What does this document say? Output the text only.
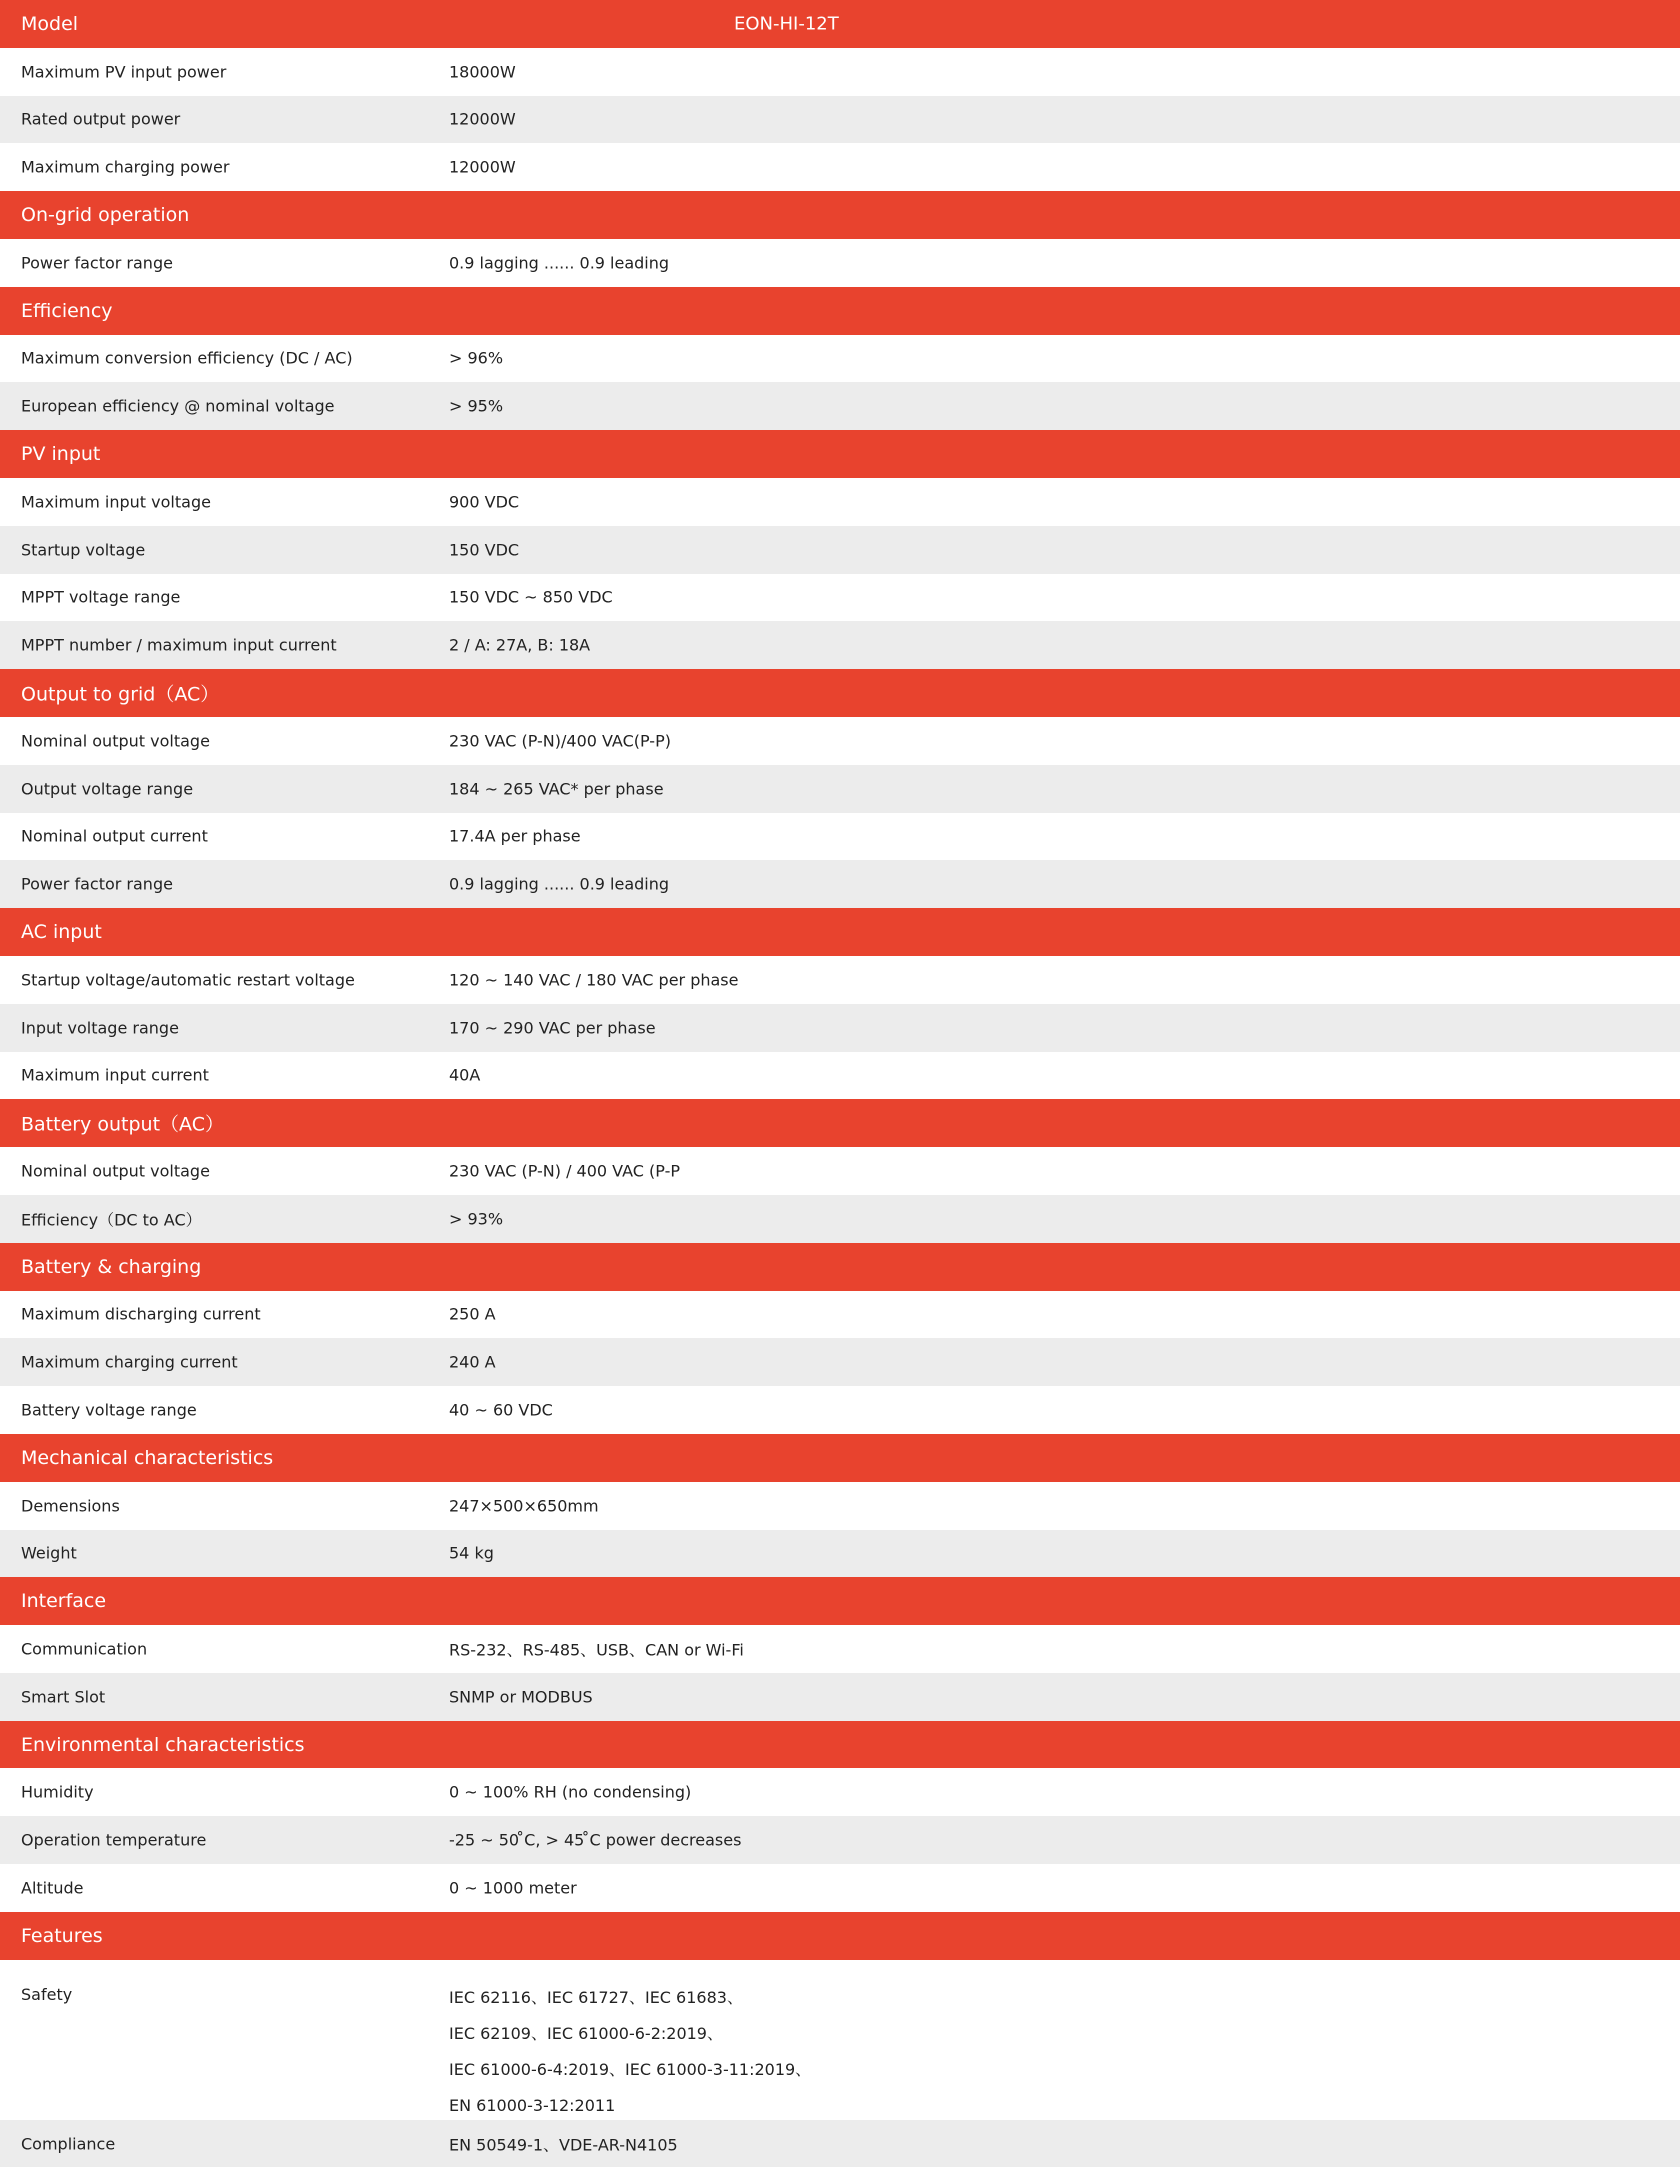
Model	EON-HI-12T
Maximum PV input power	18000W
Rated output power	12000W
Maximum charging power	12000W
On-grid operation
Power factor range	0.9 lagging ...... 0.9 leading
Efficiency
Maximum conversion efficiency (DC / AC)	> 96%
European efficiency @ nominal voltage	> 95%
PV input
Maximum input voltage	900 VDC
Startup voltage	150 VDC
MPPT voltage range	150 VDC ~ 850 VDC
MPPT number / maximum input current	2 / A: 27A, B: 18A
Output to grid（AC）
Nominal output voltage	230 VAC (P-N)/400 VAC(P-P)
Output voltage range	184 ~ 265 VAC* per phase
Nominal output current	17.4A per phase
Power factor range	0.9 lagging ...... 0.9 leading
AC input
Startup voltage/automatic restart voltage	120 ~ 140 VAC / 180 VAC per phase
Input voltage range	170 ~ 290 VAC per phase
Maximum input current	40A
Battery output（AC）
Nominal output voltage	230 VAC (P-N) / 400 VAC (P-P
Efficiency（DC to AC）	> 93%
Battery & charging
Maximum discharging current	250 A
Maximum charging current	240 A
Battery voltage range	40 ~ 60 VDC
Mechanical characteristics
Demensions	247×500×650mm
Weight	54 kg
Interface
Communication	RS-232、RS-485、USB、CAN or Wi-Fi
Smart Slot	SNMP or MODBUS
Environmental characteristics
Humidity	0 ~ 100% RH (no condensing)
Operation temperature	-25 ~ 50 ̊C, > 45 ̊C power decreases
Altitude	0 ~ 1000 meter
Features
Safety	IEC 62116、IEC 61727、IEC 61683、
IEC 62109、IEC 61000-6-2:2019、
IEC 61000-6-4:2019、IEC 61000-3-11:2019、
EN 61000-3-12:2011
Compliance	EN 50549-1、VDE-AR-N4105
